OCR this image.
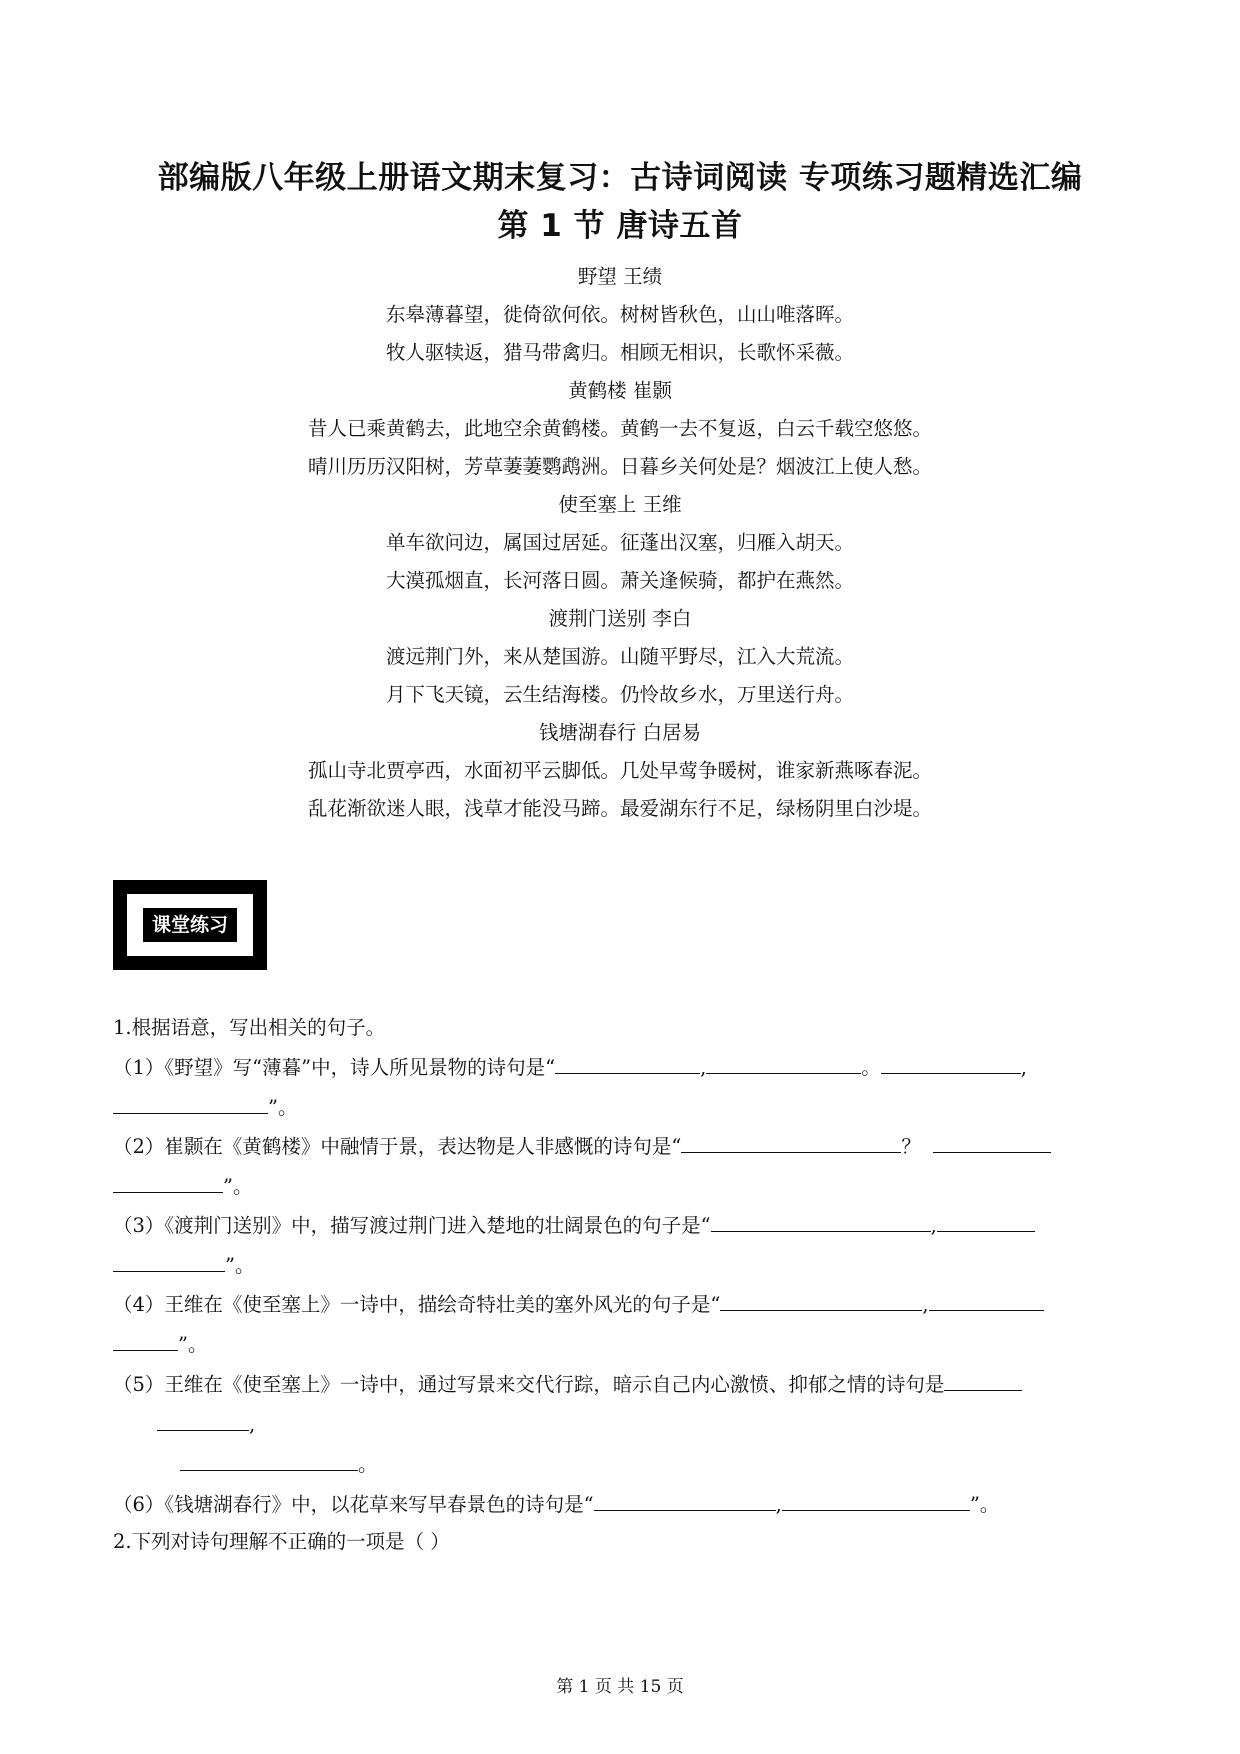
部编版八年级上册语文期末复习：古诗词阅读 专项练习题精选汇编
第 1 节 唐诗五首
野望 王绩
东皋薄暮望，徙倚欲何依。树树皆秋色，山山唯落晖。
牧人驱犊返，猎马带禽归。相顾无相识，长歌怀采薇。
黄鹤楼 崔颢
昔人已乘黄鹤去，此地空余黄鹤楼。黄鹤一去不复返，白云千载空悠悠。
晴川历历汉阳树，芳草萋萋鹦鹉洲。日暮乡关何处是？烟波江上使人愁。
使至塞上 王维
单车欲问边，属国过居延。征蓬出汉塞，归雁入胡天。
大漠孤烟直，长河落日圆。萧关逢候骑，都护在燕然。
渡荆门送别 李白
渡远荆门外，来从楚国游。山随平野尽，江入大荒流。
月下飞天镜，云生结海楼。仍怜故乡水，万里送行舟。
钱塘湖春行 白居易
孤山寺北贾亭西，水面初平云脚低。几处早莺争暖树，谁家新燕啄春泥。
乱花渐欲迷人眼，浅草才能没马蹄。最爱湖东行不足，绿杨阴里白沙堤。
课堂练习
1.根据语意，写出相关的句子。
（1）《野望》写“薄暮”中，诗人所见景物的诗句是“	,	。	,
”。
（2）崔颢在《黄鹤楼》中融情于景，表达物是人非感慨的诗句是“	？
”。
（3）《渡荆门送别》中，描写渡过荆门进入楚地的壮阔景色的句子是“	,
”。
（4）王维在《使至塞上》一诗中，描绘奇特壮美的塞外风光的句子是“	,
”。
（5）王维在《使至塞上》一诗中，通过写景来交代行踪，暗示自己内心激愤、抑郁之情的诗句是
,
。
（6）《钱塘湖春行》中，以花草来写早春景色的诗句是“	,	”。
2.下列对诗句理解不正确的一项是（ ）
第 1 页 共 15 页
